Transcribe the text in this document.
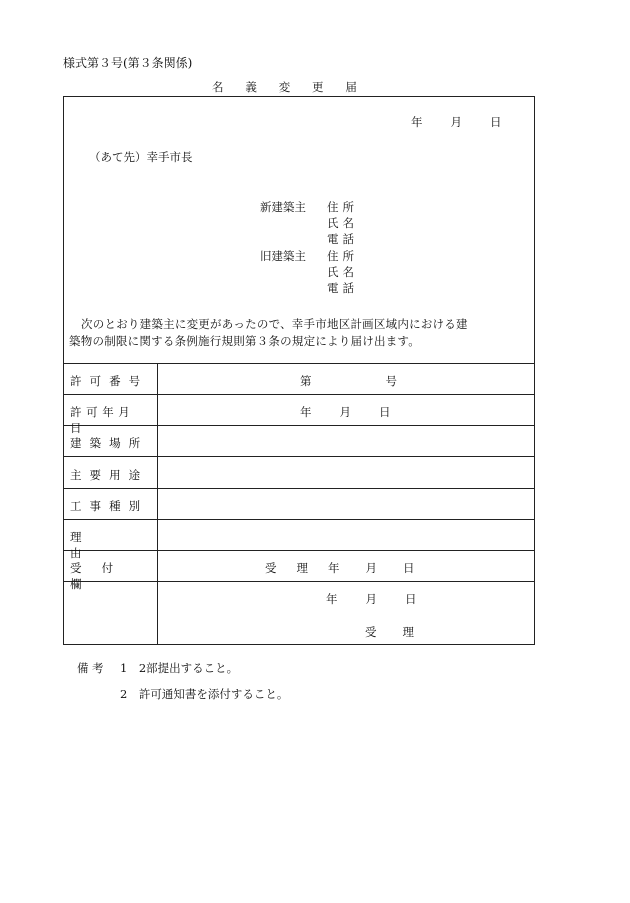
様式第３号(第３条関係)
名義変更届
年 月 日
（あて先）幸手市長
新建築主 住所
氏名
電話
旧建築主 住所
氏名
電話
次のとおり建築主に変更があったので、幸手市地区計画区域内における建
築物の制限に関する条例施行規則第３条の規定により届け出ます。
許可番号
許可年月日
建築場所
主要用途
工事種別
理由
受付欄
第	号
年 月 日
受 理 年 月 日
年 月 日
受 理
備考 1　2部提出すること。
2　許可通知書を添付すること。
